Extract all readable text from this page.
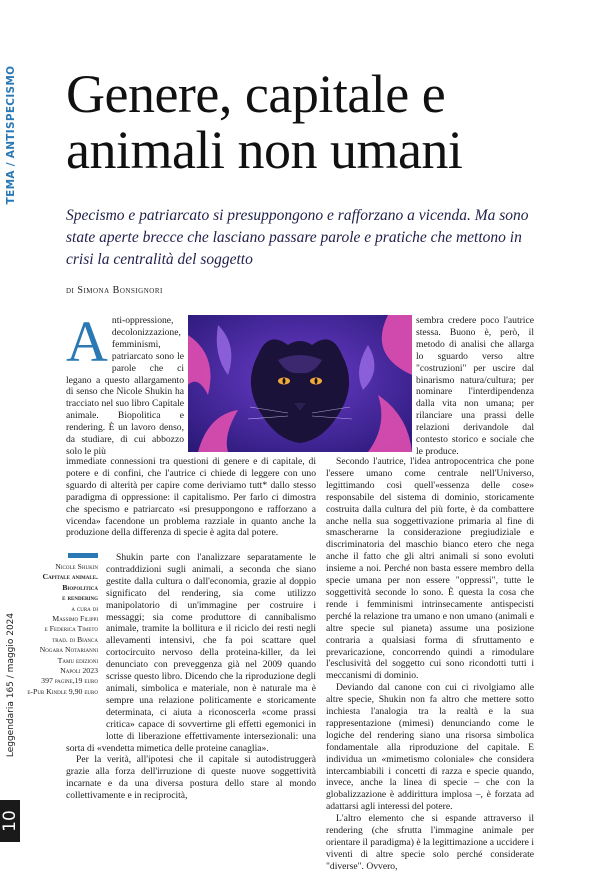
TEMA / ANTISPECISMO Genere, capitale e animali non umani

Specismo e patriarcato si presuppongono e rafforzano a vicenda. Ma sono state aperte brecce che lasciano passare parole e pratiche che mettono in crisi la centralità del soggetto

di Simona Bonsignori

Anti-oppressione, decolonizzazione, femminismi, patriarcato sono le parole che ci legano a questo allargamento di senso che Nicole Shukin ha tracciato nel suo libro Capitale animale. Biopolitica e rendering. È un lavoro denso, da studiare, di cui abbozzo solo le più

sembra credere poco l'autrice stessa. Buono è, però, il metodo di analisi che allarga lo sguardo verso altre "costruzioni" per uscire dal binarismo natura/cultura; per nominare l'interdipendenza dalla vita non umana; per rilanciare una prassi delle relazioni derivandole dal contesto storico e sociale che le produce.

immediate connessioni tra questioni di genere e di capitale, di potere e di confini, che l'autrice ci chiede di leggere con uno sguardo di alterità per capire come deriviamo tutt* dallo stesso paradigma di oppressione: il capitalismo. Per farlo ci dimostra che specismo e patriarcato «si presuppongono e rafforzano a vicenda» facendone un problema razziale in quanto anche la produzione della differenza di specie è agita dal potere.

Shukin parte con l'analizzare separatamente le contraddizioni sugli animali, a seconda che siano gestite dalla cultura o dall'economia, grazie al doppio significato del rendering, sia come utilizzo manipolatorio di un'immagine per costruire i messaggi; sia come produttore di cannibalismo animale, tramite la bollitura e il riciclo dei resti negli allevamenti intensivi, che fa poi scattare quel cortocircuito nervoso della proteina-killer, da lei denunciato con preveggenza già nel 2009 quando scrisse questo libro. Dicendo che la riproduzione degli animali, simbolica e materiale, non è naturale ma è sempre una relazione politicamente e storicamente determinata, ci aiuta a riconoscerla «come prassi critica» capace di sovvertirne gli effetti egemonici in lotte di liberazione effettivamente intersezionali: una sorta di «vendetta mimetica delle proteine canaglia».

Per la verità, all'ipotesi che il capitale si autodistruggerà grazie alla forza dell'irruzione di queste nuove soggettività incarnate e da una diversa postura dello stare al mondo collettivamente e in reciprocità,

Secondo l'autrice, l'idea antropocentrica che pone l'essere umano come centrale nell'Universo, legittimando così quell'«essenza delle cose» responsabile del sistema di dominio, storicamente costruita dalla cultura del più forte, è da combattere anche nella sua soggettivazione primaria al fine di smascherarne la considerazione pregiudiziale e discriminatoria del maschio bianco etero che nega anche il fatto che gli altri animali si sono evoluti insieme a noi. Perché non basta essere membro della specie umana per non essere "oppressi", tutte le soggettività seconde lo sono. È questa la cosa che rende i femminismi intrinsecamente antispecisti perché la relazione tra umano e non umano (animali e altre specie sul pianeta) assume una posizione contraria a qualsiasi forma di sfruttamento e prevaricazione, concorrendo quindi a rimodulare l'esclusività del soggetto cui sono ricondotti tutti i meccanismi di dominio.

Deviando dal canone con cui ci rivolgiamo alle altre specie, Shukin non fa altro che mettere sotto inchiesta l'analogia tra la realtà e la sua rappresentazione (mimesi) denunciando come le logiche del rendering siano una risorsa simbolica fondamentale alla riproduzione del capitale. E individua un «mimetismo coloniale» che considera intercambiabili i concetti di razza e specie quando, invece, anche la linea di specie – che con la globalizzazione è addirittura implosa –, è forzata ad adattarsi agli interessi del potere.

L'altro elemento che si espande attraverso il rendering (che sfrutta l'immagine animale per orientare il paradigma) è la legittimazione a uccidere i viventi di altre specie solo perché considerate "diverse". Ovvero,

Nicole Shukin
Capitale animale.
Biopolitica
e rendering
a cura di
Massimo Filippi
e Federica Timeto
trad. di Bianca
Nogara Notarianni
Tamu edizioni
Napoli 2023
397 pagine,19 euro
e-Pub Kindle 9,90 euro
Leggendaria 165 / maggio 2024
10
